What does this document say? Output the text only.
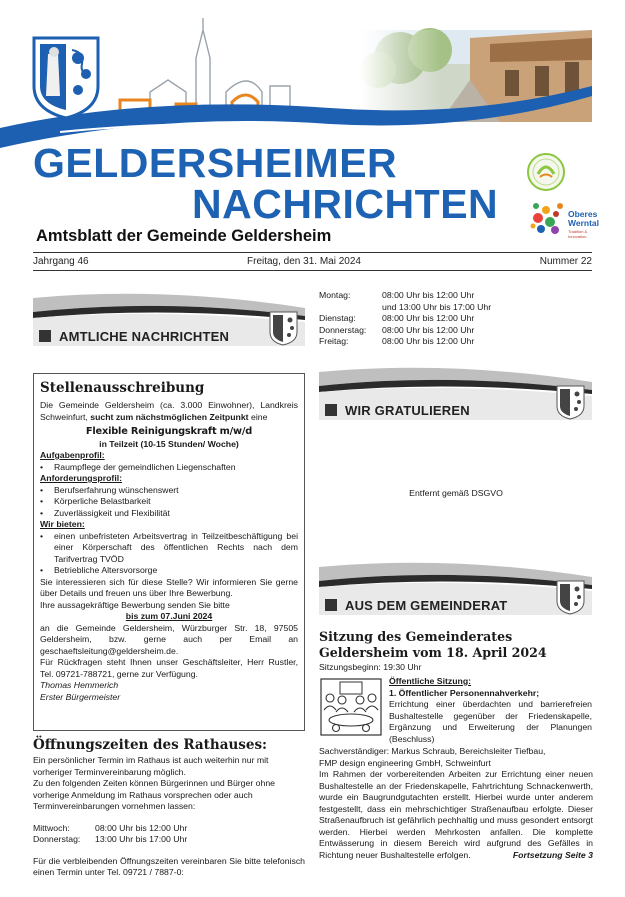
GELDERSHEIMER
NACHRICHTEN
Amtsblatt der Gemeinde Geldersheim
Oberes
Werntal
Tradition &
Innovation
Jahrgang 46	Freitag, den 31. Mai 2024	Nummer 22
AMTLICHE NACHRICHTEN
Stellenausschreibung
Die Gemeinde Geldersheim (ca. 3.000 Einwohner), Landkreis Schweinfurt, sucht zum nächstmöglichen Zeitpunkt eine
Flexible Reinigungskraft m/w/d
in Teilzeit (10-15 Stunden/ Woche)
Aufgabenprofil:
• Raumpflege der gemeindlichen Liegenschaften
Anforderungsprofil:
• Berufserfahrung wünschenswert
• Körperliche Belastbarkeit
• Zuverlässigkeit und Flexibilität
Wir bieten:
• einen unbefristeten Arbeitsvertrag in Teilzeitbeschäftigung bei einer Körperschaft des öffentlichen Rechts nach dem Tarifvertrag TVÖD
• Betriebliche Altersvorsorge
Sie interessieren sich für diese Stelle? Wir informieren Sie gerne über Details und freuen uns über Ihre Bewerbung.
Ihre aussagekräftige Bewerbung senden Sie bitte
bis zum 07.Juni 2024
an die Gemeinde Geldersheim, Würzburger Str. 18, 97505 Geldersheim, bzw. gerne auch per Email an geschaeftsleitung@geldersheim.de.
Für Rückfragen steht Ihnen unser Geschäftsleiter, Herr Rustler, Tel. 09721-788721, gerne zur Verfügung.
Thomas Hemmerich
Erster Bürgermeister
Öffnungszeiten des Rathauses:
Ein persönlicher Termin im Rathaus ist auch weiterhin nur mit vorheriger Terminvereinbarung möglich.
Zu den folgenden Zeiten können Bürgerinnen und Bürger ohne vorherige Anmeldung im Rathaus vorsprechen oder auch Terminvereinbarungen vornehmen lassen:
Mittwoch:	08:00 Uhr bis 12:00 Uhr
Donnerstag:	13:00 Uhr bis 17:00 Uhr
Für die verbleibenden Öffnungszeiten vereinbaren Sie bitte telefonisch einen Termin unter Tel. 09721 / 7887-0:
Montag:	08:00 Uhr bis 12:00 Uhr
und 13:00 Uhr bis 17:00 Uhr
Dienstag:	08:00 Uhr bis 12:00 Uhr
Donnerstag:	08:00 Uhr bis 12:00 Uhr
Freitag:	08:00 Uhr bis 12:00 Uhr
WIR GRATULIEREN
Entfernt gemäß DSGVO
AUS DEM GEMEINDERAT
Sitzung des Gemeinderates Geldersheim vom 18. April 2024
Sitzungsbeginn: 19:30 Uhr
Öffentliche Sitzung:
1. Öffentlicher Personennahverkehr;
Errichtung einer überdachten und barrierefreien Bushaltestelle gegenüber der Friedenskapelle, Ergänzung und Erweiterung der Planungen (Beschluss)
Sachverständiger: Markus Schraub, Bereichsleiter Tiefbau,
FMP design engineering GmbH, Schweinfurt
Im Rahmen der vorbereitenden Arbeiten zur Errichtung einer neuen Bushaltestelle an der Friedenskapelle, Fahrtrichtung Schnackenwerth, wurde ein Baugrundgutachten erstellt. Hierbei wurde unter anderem festgestellt, dass ein mehrschichtiger Straßenaufbau erfolgte. Dieser Straßenaufbruch ist gefährlich pechhaltig und muss gesondert entsorgt werden. Hierbei werden Mehrkosten anfallen. Die komplette Entwässerung in diesem Bereich wird aufgrund des Gefälles in Richtung neuer Bushaltestelle erfolgen.	Fortsetzung Seite 3
